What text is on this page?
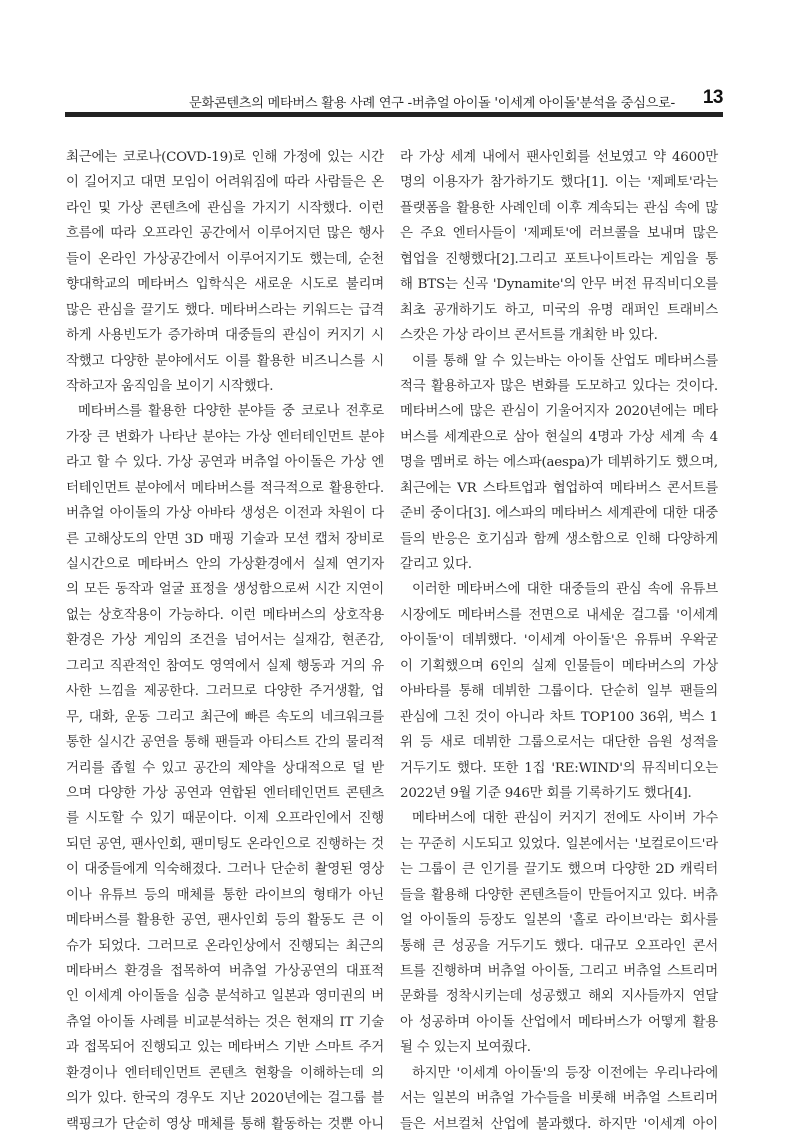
문화콘텐츠의 메타버스 활용 사례 연구 -버츄얼 아이돌 '이세계 아이돌'분석을 중심으로- 13
최근에는 코로나(COVD-19)로 인해 가정에 있는 시간
이 길어지고 대면 모임이 어려워짐에 따라 사람들은 온
라인 및 가상 콘텐츠에 관심을 가지기 시작했다. 이런
흐름에 따라 오프라인 공간에서 이루어지던 많은 행사
들이 온라인 가상공간에서 이루어지기도 했는데, 순천
향대학교의 메타버스 입학식은 새로운 시도로 불리며
많은 관심을 끌기도 했다. 메타버스라는 키워드는 급격
하게 사용빈도가 증가하며 대중들의 관심이 커지기 시
작했고 다양한 분야에서도 이를 활용한 비즈니스를 시
작하고자 움직임을 보이기 시작했다.
메타버스를 활용한 다양한 분야들 중 코로나 전후로
가장 큰 변화가 나타난 분야는 가상 엔터테인먼트 분야
라고 할 수 있다. 가상 공연과 버츄얼 아이돌은 가상 엔
터테인먼트 분야에서 메타버스를 적극적으로 활용한다.
버츄얼 아이돌의 가상 아바타 생성은 이전과 차원이 다
른 고해상도의 안면 3D 매핑 기술과 모션 캡처 장비로
실시간으로 메타버스 안의 가상환경에서 실제 연기자
의 모든 동작과 얼굴 표정을 생성함으로써 시간 지연이
없는 상호작용이 가능하다. 이런 메타버스의 상호작용
환경은 가상 게임의 조건을 넘어서는 실재감, 현존감,
그리고 직관적인 참여도 영역에서 실제 행동과 거의 유
사한 느낌을 제공한다. 그러므로 다양한 주거생활, 업
무, 대화, 운동 그리고 최근에 빠른 속도의 네크워크를
통한 실시간 공연을 통해 팬들과 아티스트 간의 물리적
거리를 좁힐 수 있고 공간의 제약을 상대적으로 덜 받
으며 다양한 가상 공연과 연합된 엔터테인먼트 콘텐츠
를 시도할 수 있기 때문이다. 이제 오프라인에서 진행
되던 공연, 팬사인회, 팬미팅도 온라인으로 진행하는 것
이 대중들에게 익숙해졌다. 그러나 단순히 촬영된 영상
이나 유튜브 등의 매체를 통한 라이브의 형태가 아닌
메타버스를 활용한 공연, 팬사인회 등의 활동도 큰 이
슈가 되었다. 그러므로 온라인상에서 진행되는 최근의
메타버스 환경을 접목하여 버츄얼 가상공연의 대표적
인 이세계 아이돌을 심층 분석하고 일본과 영미권의 버
츄얼 아이돌 사례를 비교분석하는 것은 현재의 IT 기술
과 접목되어 진행되고 있는 메타버스 기반 스마트 주거
환경이나 엔터테인먼트 콘텐츠 현황을 이해하는데 의
의가 있다. 한국의 경우도 지난 2020년에는 걸그룹 블
랙핑크가 단순히 영상 매체를 통해 활동하는 것뿐 아니
라 가상 세계 내에서 팬사인회를 선보였고 약 4600만
명의 이용자가 참가하기도 했다[1]. 이는 '제페토'라는
플랫폼을 활용한 사례인데 이후 계속되는 관심 속에 많
은 주요 엔터사들이 '제페토'에 러브콜을 보내며 많은
협업을 진행했다[2].그리고 포트나이트라는 게임을 통
해 BTS는 신곡 'Dynamite'의 안무 버전 뮤직비디오를
최초 공개하기도 하고, 미국의 유명 래퍼인 트래비스
스캇은 가상 라이브 콘서트를 개최한 바 있다.
이를 통해 알 수 있는바는 아이돌 산업도 메타버스를
적극 활용하고자 많은 변화를 도모하고 있다는 것이다.
메타버스에 많은 관심이 기울어지자 2020년에는 메타
버스를 세계관으로 삼아 현실의 4명과 가상 세계 속 4
명을 멤버로 하는 에스파(aespa)가 데뷔하기도 했으며,
최근에는 VR 스타트업과 협업하여 메타버스 콘서트를
준비 중이다[3]. 에스파의 메타버스 세계관에 대한 대중
들의 반응은 호기심과 함께 생소함으로 인해 다양하게
갈리고 있다.
이러한 메타버스에 대한 대중들의 관심 속에 유튜브
시장에도 메타버스를 전면으로 내세운 걸그룹 '이세계
아이돌'이 데뷔했다. '이세계 아이돌'은 유튜버 우왁굳
이 기획했으며 6인의 실제 인물들이 메타버스의 가상
아바타를 통해 데뷔한 그룹이다. 단순히 일부 팬들의
관심에 그친 것이 아니라 차트 TOP100 36위, 벅스 1
위 등 새로 데뷔한 그룹으로서는 대단한 음원 성적을
거두기도 했다. 또한 1집 'RE:WIND'의 뮤직비디오는
2022년 9월 기준 946만 회를 기록하기도 했다[4].
메타버스에 대한 관심이 커지기 전에도 사이버 가수
는 꾸준히 시도되고 있었다. 일본에서는 '보컬로이드'라
는 그룹이 큰 인기를 끌기도 했으며 다양한 2D 캐릭터
들을 활용해 다양한 콘텐츠들이 만들어지고 있다. 버츄
얼 아이돌의 등장도 일본의 '홀로 라이브'라는 회사를
통해 큰 성공을 거두기도 했다. 대규모 오프라인 콘서
트를 진행하며 버츄얼 아이돌, 그리고 버츄얼 스트리머
문화를 정착시키는데 성공했고 해외 지사들까지 연달
아 성공하며 아이돌 산업에서 메타버스가 어떻게 활용
될 수 있는지 보여줬다.
하지만 '이세계 아이돌'의 등장 이전에는 우리나라에
서는 일본의 버츄얼 가수들을 비롯해 버츄얼 스트리머
들은 서브컬처 산업에 불과했다. 하지만 '이세계 아이
